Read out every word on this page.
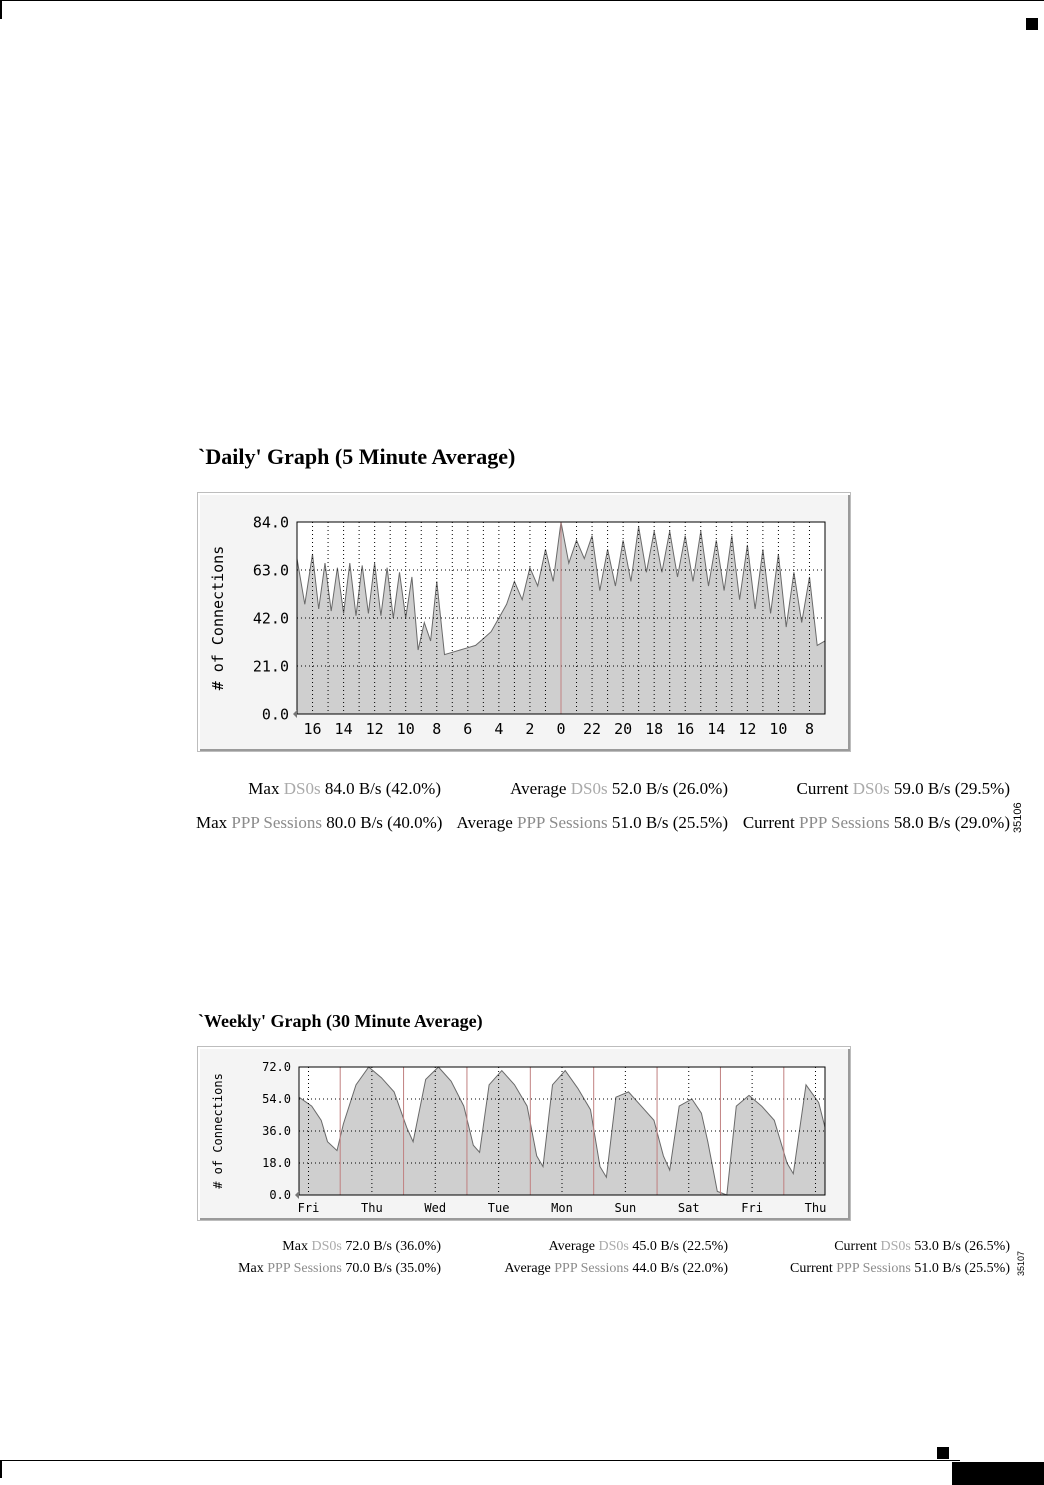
`Daily' Graph (5 Minute Average)
0.0
21.0
42.0
63.0
84.0
16 14 12 10 8 6 4 2 0 22 20 18 16 14 12 10 8
# of Connections
Max DS0s 84.0 B/s (42.0%)	Average DS0s 52.0 B/s (26.0%)	Current DS0s 59.0 B/s (29.5%)
Max PPP Sessions 80.0 B/s (40.0%) Average PPP Sessions 51.0 B/s (25.5%) Current PPP Sessions 58.0 B/s (29.0%) 35106
`Weekly' Graph (30 Minute Average)
0.0
18.0
36.0
54.0
72.0
Fri	Thu	Wed	Tue	Mon	Sun	Sat	Fri	Thu
# of Connections
Max DS0s 72.0 B/s (36.0%)	Average DS0s 45.0 B/s (22.5%)	Current DS0s 53.0 B/s (26.5%)
Max PPP Sessions 70.0 B/s (35.0%)	Average PPP Sessions 44.0 B/s (22.0%)	Current PPP Sessions 51.0 B/s (25.5%) 35107
